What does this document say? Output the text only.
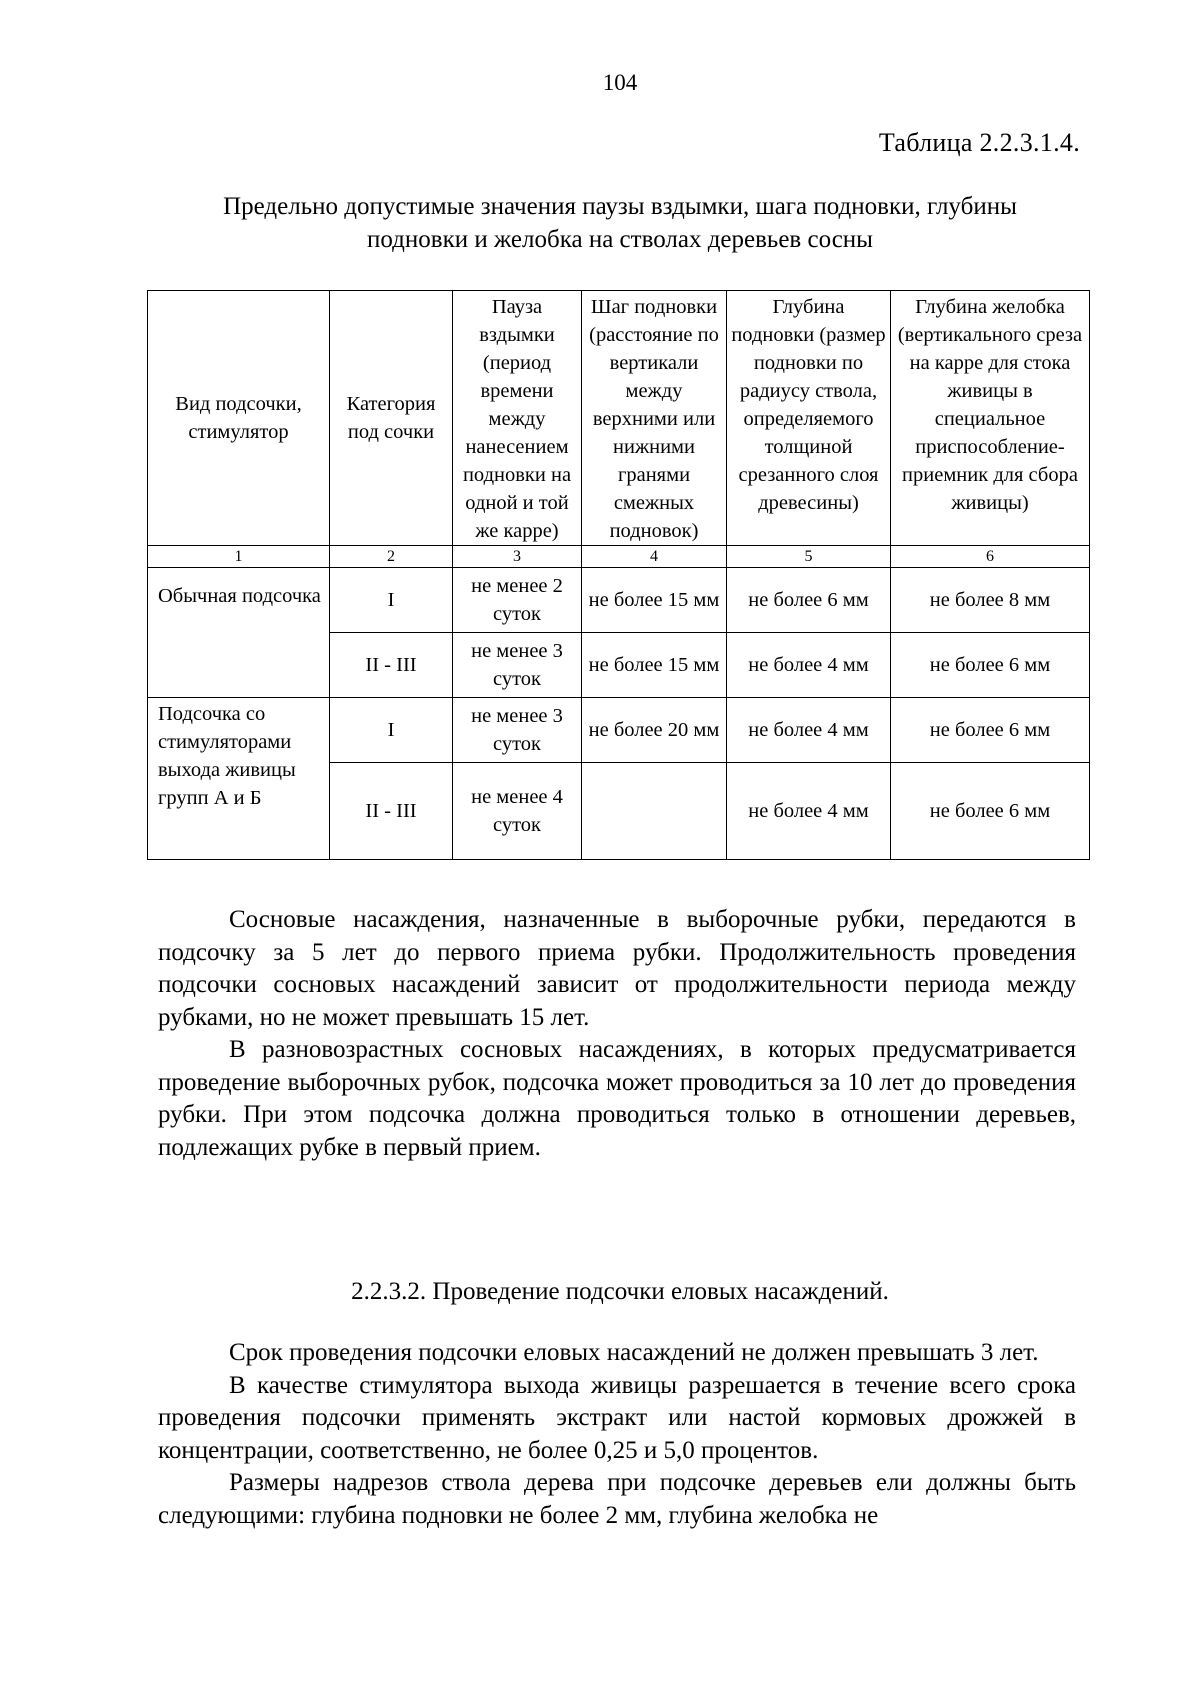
104
Таблица 2.2.3.1.4.
Предельно допустимые значения паузы вздымки, шага подновки, глубины
подновки и желобка на стволах деревьев сосны
Вид подсочки, стимулятор	Категория под сочки	Пауза вздымки (период времени между нанесением подновки на одной и той же карре)	Шаг подновки (расстояние по вертикали между верхними или нижними гранями смежных подновок)	Глубина подновки (размер подновки по радиусу ствола, определяемого толщиной срезанного слоя древесины)	Глубина желобка (вертикального среза на карре для стока живицы в специальное приспособление-приемник для сбора живицы)
1	2	3	4	5	6
Обычная подсочка	I	не менее 2 суток	не более 15 мм	не более 6 мм	не более 8 мм
	II - III	не менее 3 суток	не более 15 мм	не более 4 мм	не более 6 мм
Подсочка со стимуляторами выхода живицы групп А и Б	I	не менее 3 суток	не более 20 мм	не более 4 мм	не более 6 мм
	II - III	не менее 4 суток		не более 4 мм	не более 6 мм

Сосновые насаждения, назначенные в выборочные рубки, передаются в подсочку за 5 лет до первого приема рубки. Продолжительность проведения подсочки сосновых насаждений зависит от продолжительности периода между рубками, но не может превышать 15 лет.

В разновозрастных сосновых насаждениях, в которых предусматривается проведение выборочных рубок, подсочка может проводиться за 10 лет до проведения рубки. При этом подсочка должна проводиться только в отношении деревьев, подлежащих рубке в первый прием.

2.2.3.2. Проведение подсочки еловых насаждений.

Срок проведения подсочки еловых насаждений не должен превышать 3 лет.

В качестве стимулятора выхода живицы разрешается в течение всего срока проведения подсочки применять экстракт или настой кормовых дрожжей в концентрации, соответственно, не более 0,25 и 5,0 процентов.

Размеры надрезов ствола дерева при подсочке деревьев ели должны быть следующими: глубина подновки не более 2 мм, глубина желобка не
